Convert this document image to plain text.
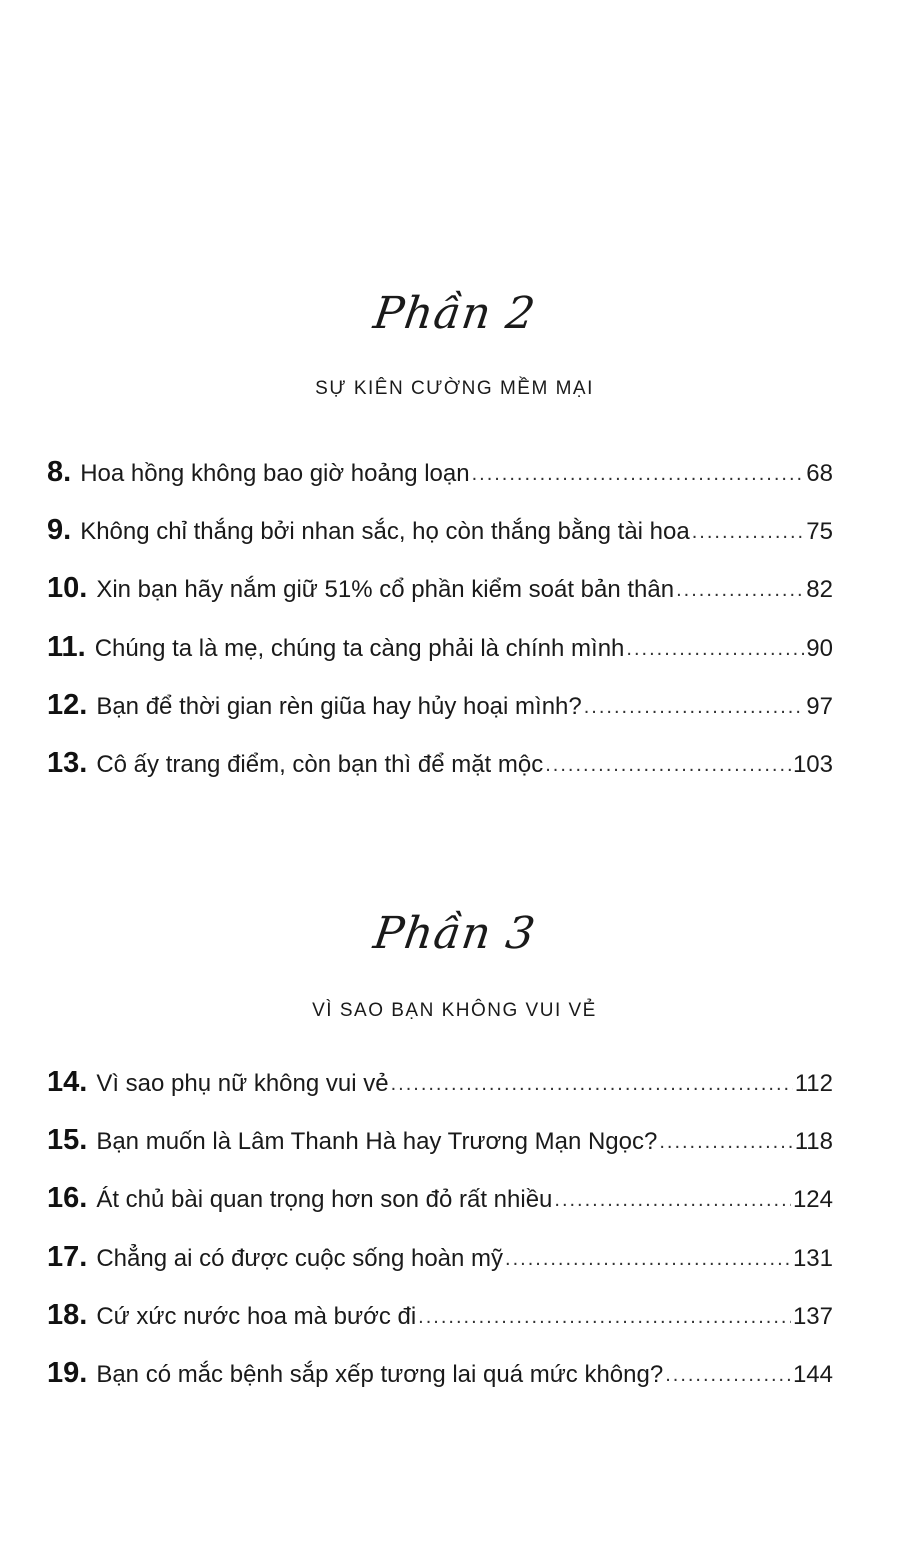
Phần 2
SỰ KIÊN CƯỜNG MỀM MẠI
8. Hoa hồng không bao giờ hoảng loạn .....	68
9. Không chỉ thắng bởi nhan sắc, họ còn thắng bằng tài hoa .....	75
10. Xin bạn hãy nắm giữ 51% cổ phần kiểm soát bản thân .....	82
11. Chúng ta là mẹ, chúng ta càng phải là chính mình .....	90
12. Bạn để thời gian rèn giũa hay hủy hoại mình? .....	97
13. Cô ấy trang điểm, còn bạn thì để mặt mộc .....	103
Phần 3
VÌ SAO BẠN KHÔNG VUI VẺ
14. Vì sao phụ nữ không vui vẻ .....	112
15. Bạn muốn là Lâm Thanh Hà hay Trương Mạn Ngọc? .....	118
16. Át chủ bài quan trọng hơn son đỏ rất nhiều .....	124
17. Chẳng ai có được cuộc sống hoàn mỹ .....	131
18. Cứ xức nước hoa mà bước đi .....	137
19. Bạn có mắc bệnh sắp xếp tương lai quá mức không? .....	144
